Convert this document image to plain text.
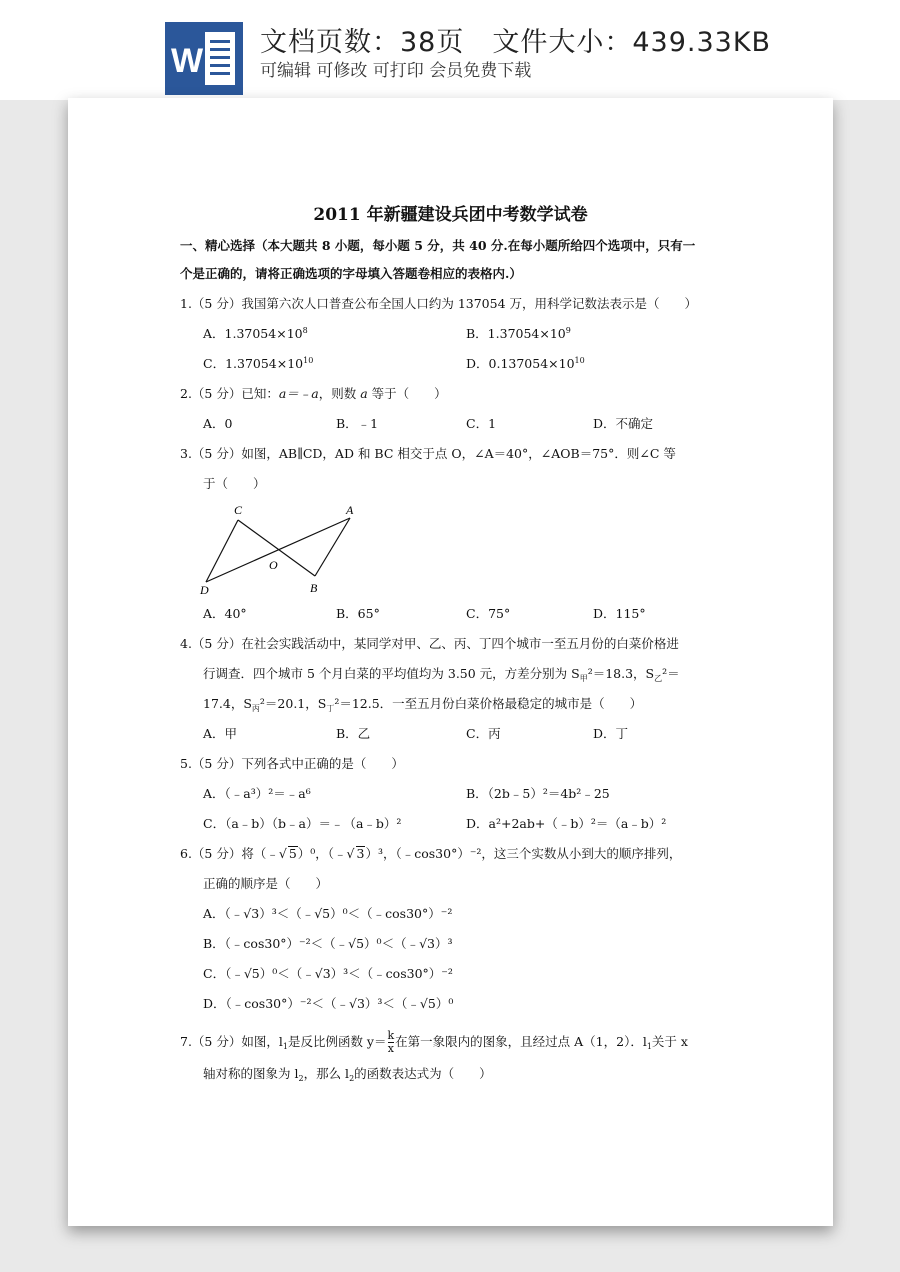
W 文档页数：38页　文件大小：439.33KB
可编辑 可修改 可打印 会员免费下载
2011 年新疆建设兵团中考数学试卷
一、精心选择（本大题共 8 小题，每小题 5 分，共 40 分.在每小题所给四个选项中，只有一
个是正确的，请将正确选项的字母填入答题卷相应的表格内.）
1.（5 分）我国第六次人口普查公布全国人口约为 137054 万，用科学记数法表示是（　　）
A．$1.37054\times 10^8$	B．$1.37054\times 10^9$
C．$1.37054\times 10^{10}$	D．$0.137054\times 10^{10}$
2.（5 分）已知：a＝﹣a，则数 a 等于（　　）
A．0	B．﹣1	C．1	D．不确定
3.（5 分）如图，AB∥CD，AD 和 BC 相交于点 O，∠A＝40°，∠AOB＝75°．则∠C 等
于（　　）
C	A
O
D	B
A．40°	B．65°	C．75°	D．115°
4.（5 分）在社会实践活动中，某同学对甲、乙、丙、丁四个城市一至五月份的白菜价格进
行调查．四个城市 5 个月白菜的平均值均为 3.50 元，方差分别为 $S_甲^2=18.3$，$S_乙^2=$
17.4，$S_丙^2=20.1$，$S_丁^2=12.5$．一至五月份白菜价格最稳定的城市是（　　）
A．甲	B．乙	C．丙	D．丁
5.（5 分）下列各式中正确的是（　　）
A．（﹣a³）²＝﹣a⁶	B．（2b﹣5）²＝4b²﹣25
C．（a﹣b）（b﹣a）＝﹣（a﹣b）²	D．a²+2ab+（﹣b）²＝（a﹣b）²
6.（5 分）将（﹣√ 5）⁰，（﹣√ 3）³，（﹣cos30°）⁻²，这三个实数从小到大的顺序排列，
正确的顺序是（　　）
A．（﹣√3）³＜（﹣√5）⁰＜（﹣cos30°）⁻²
B．（﹣cos30°）⁻²＜（﹣√5）⁰＜（﹣√3）³
C．（﹣√5）⁰＜（﹣√3）³＜（﹣cos30°）⁻²
D．（﹣cos30°）⁻²＜（﹣√3）³＜（﹣√5）⁰
7.（5 分）如图，$l_1$是反比例函数 $y= \frac{k}{x}$ 在第一象限内的图象，且经过点 A（1，2）．$l_1$关于 x
轴对称的图象为 $l_2$，那么 $l_2$的函数表达式为（　　）
